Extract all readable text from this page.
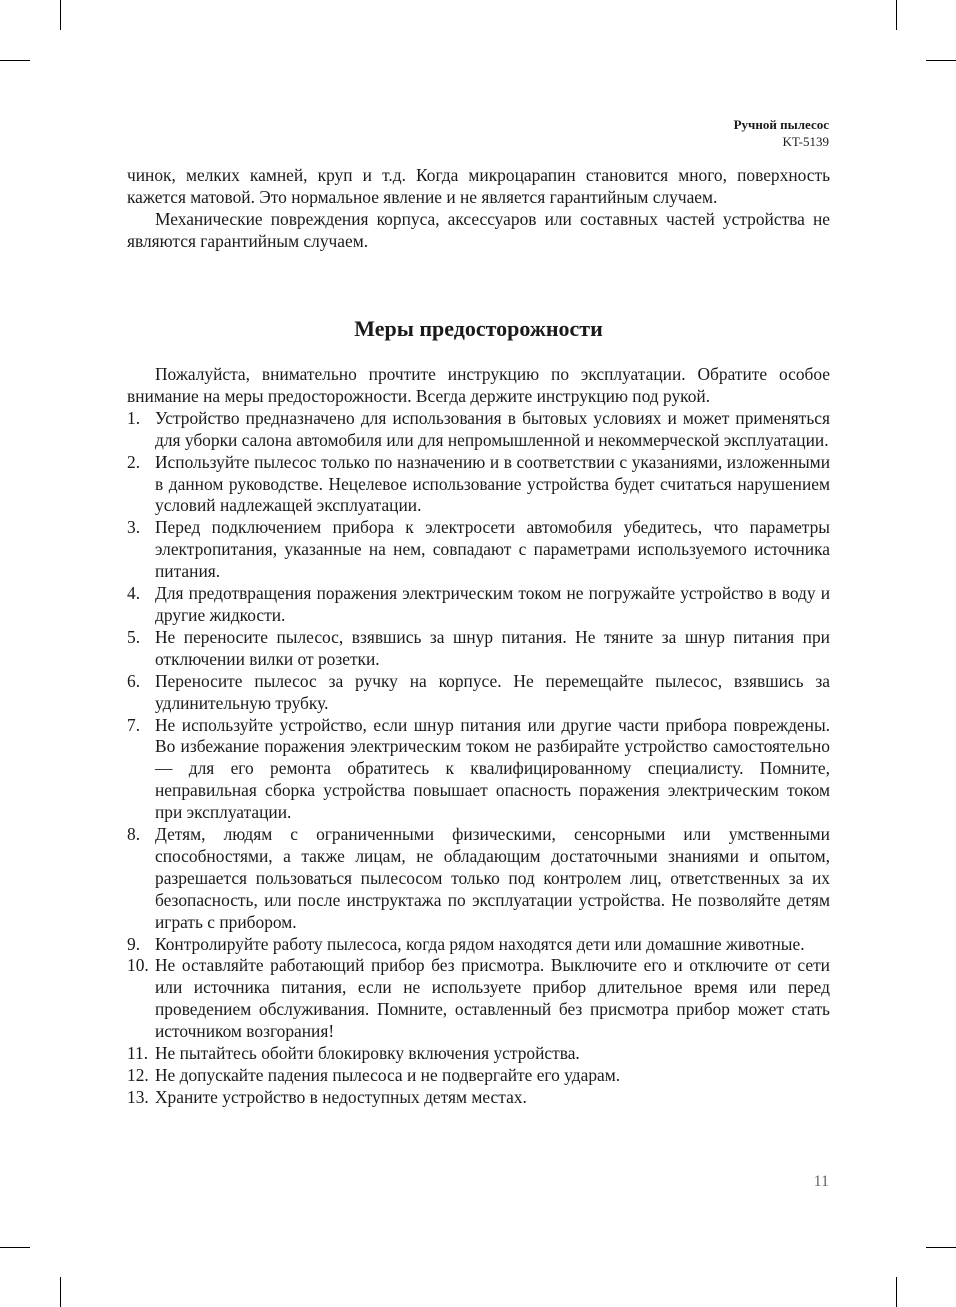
Ручной пылесос
KT-5139

чинок, мелких камней, круп и т.д. Когда микроцарапин становится много, поверхность кажется матовой. Это нормальное явление и не является гарантийным случаем.

Механические повреждения корпуса, аксессуаров или составных частей устройства не являются гарантийным случаем.

Меры предосторожности

Пожалуйста, внимательно прочтите инструкцию по эксплуатации. Обратите особое внимание на меры предосторожности. Всегда держите инструкцию под рукой.

1. Устройство предназначено для использования в бытовых условиях и может применяться для уборки салона автомобиля или для непромышленной и некоммерческой эксплуатации.
2. Используйте пылесос только по назначению и в соответствии с указаниями, изложенными в данном руководстве. Нецелевое использование устройства будет считаться нарушением условий надлежащей эксплуатации.
3. Перед подключением прибора к электросети автомобиля убедитесь, что параметры электропитания, указанные на нем, совпадают с параметрами используемого источника питания.
4. Для предотвращения поражения электрическим током не погружайте устройство в воду и другие жидкости.
5. Не переносите пылесос, взявшись за шнур питания. Не тяните за шнур питания при отключении вилки от розетки.
6. Переносите пылесос за ручку на корпусе. Не перемещайте пылесос, взявшись за удлинительную трубку.
7. Не используйте устройство, если шнур питания или другие части прибора повреждены. Во избежание поражения электрическим током не разбирайте устройство самостоятельно — для его ремонта обратитесь к квалифицированному специалисту. Помните, неправильная сборка устройства повышает опасность поражения электрическим током при эксплуатации.
8. Детям, людям с ограниченными физическими, сенсорными или умственными способностями, а также лицам, не обладающим достаточными знаниями и опытом, разрешается пользоваться пылесосом только под контролем лиц, ответственных за их безопасность, или после инструктажа по эксплуатации устройства. Не позволяйте детям играть с прибором.
9. Контролируйте работу пылесоса, когда рядом находятся дети или домашние животные.
10. Не оставляйте работающий прибор без присмотра. Выключите его и отключите от сети или источника питания, если не используете прибор длительное время или перед проведением обслуживания. Помните, оставленный без присмотра прибор может стать источником возгорания!
11. Не пытайтесь обойти блокировку включения устройства.
12. Не допускайте падения пылесоса и не подвергайте его ударам.
13. Храните устройство в недоступных детям местах.
11
